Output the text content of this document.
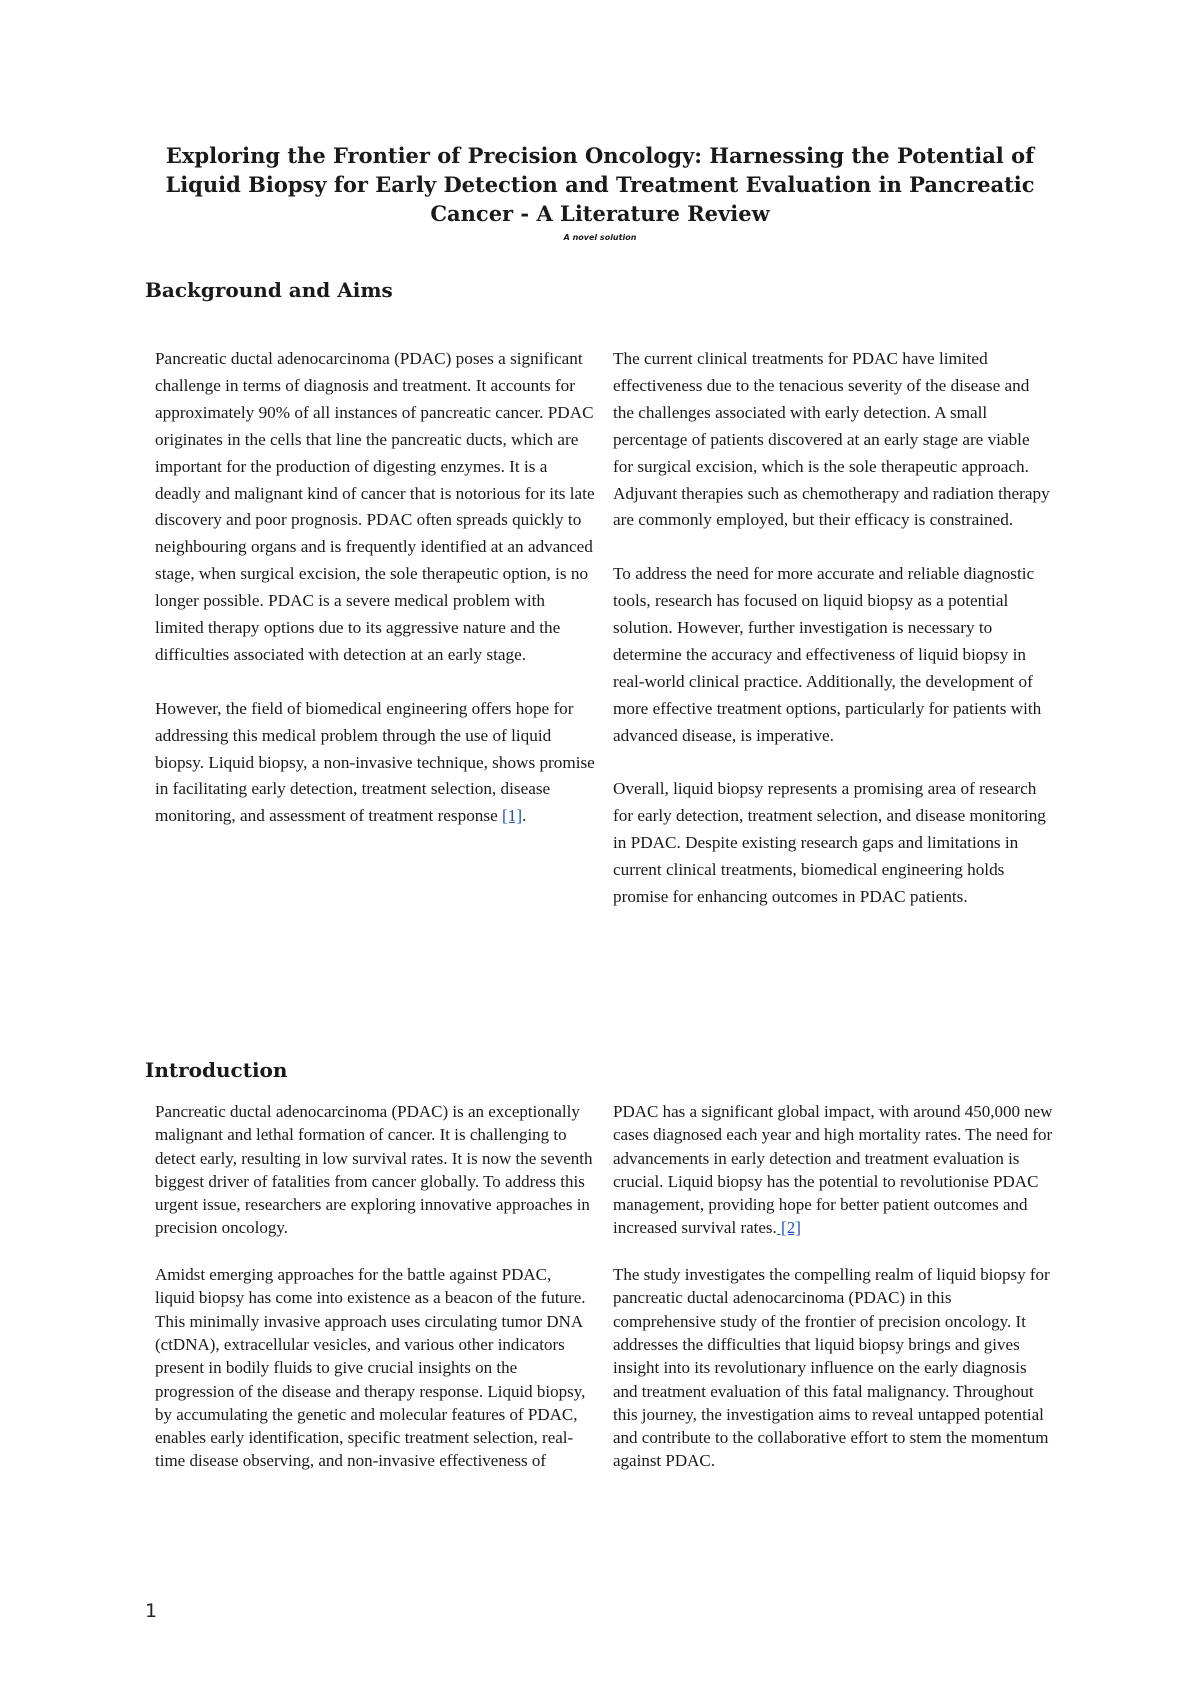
Exploring the Frontier of Precision Oncology: Harnessing the Potential of Liquid Biopsy for Early Detection and Treatment Evaluation in Pancreatic Cancer - A Literature Review
A novel solution
Background and Aims

Pancreatic ductal adenocarcinoma (PDAC) poses a significant challenge in terms of diagnosis and treatment. It accounts for approximately 90% of all instances of pancreatic cancer. PDAC originates in the cells that line the pancreatic ducts, which are important for the production of digesting enzymes. It is a deadly and malignant kind of cancer that is notorious for its late discovery and poor prognosis. PDAC often spreads quickly to neighbouring organs and is frequently identified at an advanced stage, when surgical excision, the sole therapeutic option, is no longer possible. PDAC is a severe medical problem with limited therapy options due to its aggressive nature and the difficulties associated with detection at an early stage.

However, the field of biomedical engineering offers hope for addressing this medical problem through the use of liquid biopsy. Liquid biopsy, a non-invasive technique, shows promise in facilitating early detection, treatment selection, disease monitoring, and assessment of treatment response [1].

The current clinical treatments for PDAC have limited effectiveness due to the tenacious severity of the disease and the challenges associated with early detection. A small percentage of patients discovered at an early stage are viable for surgical excision, which is the sole therapeutic approach. Adjuvant therapies such as chemotherapy and radiation therapy are commonly employed, but their efficacy is constrained.

To address the need for more accurate and reliable diagnostic tools, research has focused on liquid biopsy as a potential solution. However, further investigation is necessary to determine the accuracy and effectiveness of liquid biopsy in real-world clinical practice. Additionally, the development of more effective treatment options, particularly for patients with advanced disease, is imperative.

Overall, liquid biopsy represents a promising area of research for early detection, treatment selection, and disease monitoring in PDAC. Despite existing research gaps and limitations in current clinical treatments, biomedical engineering holds promise for enhancing outcomes in PDAC patients.

Introduction

Pancreatic ductal adenocarcinoma (PDAC) is an exceptionally malignant and lethal formation of cancer. It is challenging to detect early, resulting in low survival rates. It is now the seventh biggest driver of fatalities from cancer globally. To address this urgent issue, researchers are exploring innovative approaches in precision oncology.

Amidst emerging approaches for the battle against PDAC, liquid biopsy has come into existence as a beacon of the future. This minimally invasive approach uses circulating tumor DNA (ctDNA), extracellular vesicles, and various other indicators present in bodily fluids to give crucial insights on the progression of the disease and therapy response. Liquid biopsy, by accumulating the genetic and molecular features of PDAC, enables early identification, specific treatment selection, real-time disease observing, and non-invasive effectiveness of

PDAC has a significant global impact, with around 450,000 new cases diagnosed each year and high mortality rates. The need for advancements in early detection and treatment evaluation is crucial. Liquid biopsy has the potential to revolutionise PDAC management, providing hope for better patient outcomes and increased survival rates. [2]

The study investigates the compelling realm of liquid biopsy for pancreatic ductal adenocarcinoma (PDAC) in this comprehensive study of the frontier of precision oncology. It addresses the difficulties that liquid biopsy brings and gives insight into its revolutionary influence on the early diagnosis and treatment evaluation of this fatal malignancy. Throughout this journey, the investigation aims to reveal untapped potential and contribute to the collaborative effort to stem the momentum against PDAC.

1
